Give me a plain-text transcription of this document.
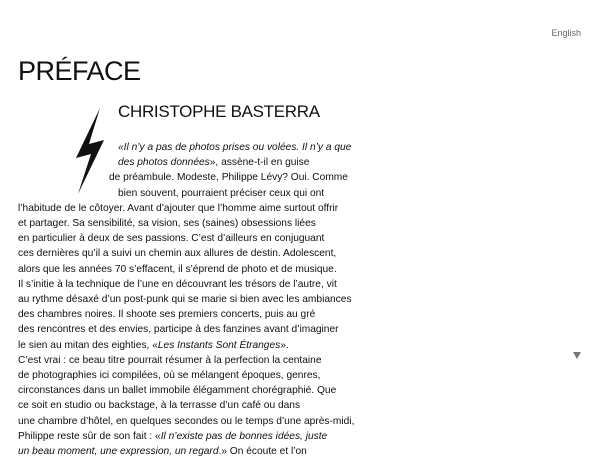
English
PRÉFACE
CHRISTOPHE BASTERRA
«Il n’y a pas de photos prises ou volées. Il n’y a que
des photos données», assène-t-il en guise
de préambule. Modeste, Philippe Lévy? Oui. Comme
bien souvent, pourraient préciser ceux qui ont
l’habitude de le côtoyer. Avant d’ajouter que l’homme aime surtout offrir
et partager. Sa sensibilité, sa vision, ses (saines) obsessions liées
en particulier à deux de ses passions. C’est d’ailleurs en conjuguant
ces dernières qu’il a suivi un chemin aux allures de destin. Adolescent,
alors que les années 70 s’effacent, il s’éprend de photo et de musique.
Il s’initie à la technique de l’une en découvrant les trésors de l’autre, vit
au rythme désaxé d’un post-punk qui se marie si bien avec les ambiances
des chambres noires. Il shoote ses premiers concerts, puis au gré
des rencontres et des envies, participe à des fanzines avant d’imaginer
le sien au mitan des eighties, «Les Instants Sont Étranges».
C’est vrai : ce beau titre pourrait résumer à la perfection la centaine
de photographies ici compilées, où se mélangent époques, genres,
circonstances dans un ballet immobile élégamment chorégraphié. Que
ce soit en studio ou backstage, à la terrasse d’un café ou dans
une chambre d’hôtel, en quelques secondes ou le temps d’une après-midi,
Philippe reste sûr de son fait : «Il n’existe pas de bonnes idées, juste
un beau moment, une expression, un regard.» On écoute et l’on
